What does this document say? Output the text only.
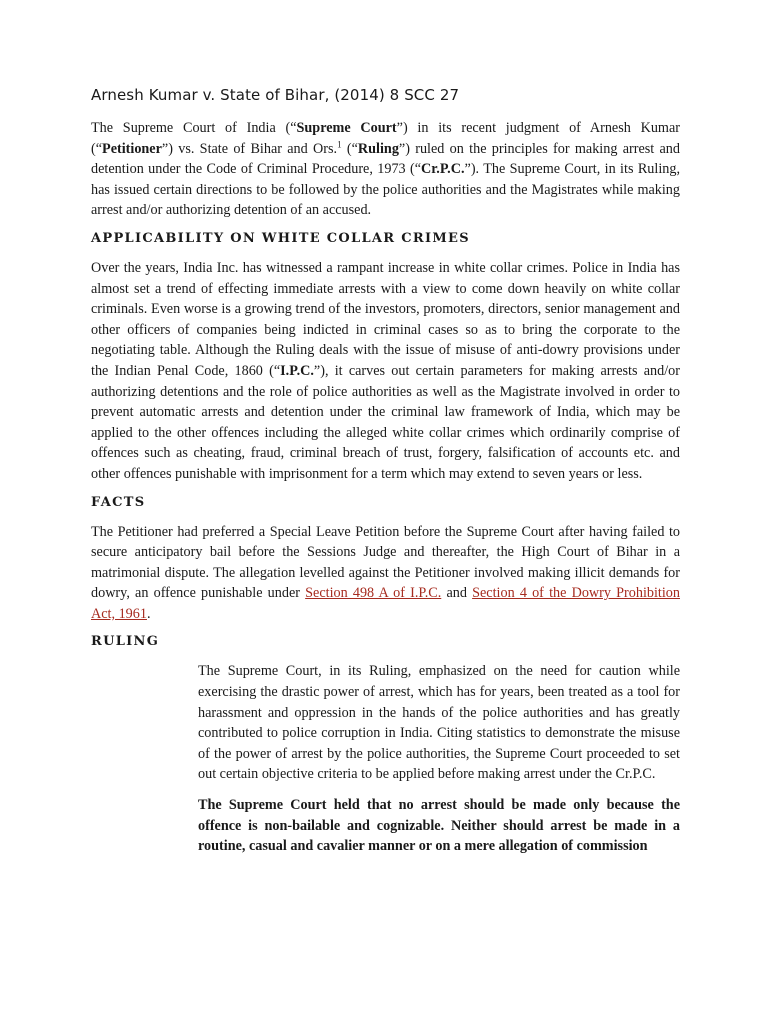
Arnesh Kumar v. State of Bihar, (2014) 8 SCC 27

The Supreme Court of India (“Supreme Court”) in its recent judgment of Arnesh Kumar (“Petitioner”) vs. State of Bihar and Ors.$^1$ (“Ruling”) ruled on the principles for making arrest and detention under the Code of Criminal Procedure, 1973 (“Cr.P.C.”). The Supreme Court, in its Ruling, has issued certain directions to be followed by the police authorities and the Magistrates while making arrest and/or authorizing detention of an accused.

APPLICABILITY ON WHITE COLLAR CRIMES

Over the years, India Inc. has witnessed a rampant increase in white collar crimes. Police in India has almost set a trend of effecting immediate arrests with a view to come down heavily on white collar criminals. Even worse is a growing trend of the investors, promoters, directors, senior management and other officers of companies being indicted in criminal cases so as to bring the corporate to the negotiating table. Although the Ruling deals with the issue of misuse of anti-dowry provisions under the Indian Penal Code, 1860 (“I.P.C.”), it carves out certain parameters for making arrests and/or authorizing detentions and the role of police authorities as well as the Magistrate involved in order to prevent automatic arrests and detention under the criminal law framework of India, which may be applied to the other offences including the alleged white collar crimes which ordinarily comprise of offences such as cheating, fraud, criminal breach of trust, forgery, falsification of accounts etc. and other offences punishable with imprisonment for a term which may extend to seven years or less.

FACTS

The Petitioner had preferred a Special Leave Petition before the Supreme Court after having failed to secure anticipatory bail before the Sessions Judge and thereafter, the High Court of Bihar in a matrimonial dispute. The allegation levelled against the Petitioner involved making illicit demands for dowry, an offence punishable under Section 498 A of I.P.C. and Section 4 of the Dowry Prohibition Act, 1961.

RULING

The Supreme Court, in its Ruling, emphasized on the need for caution while exercising the drastic power of arrest, which has for years, been treated as a tool for harassment and oppression in the hands of the police authorities and has greatly contributed to police corruption in India. Citing statistics to demonstrate the misuse of the power of arrest by the police authorities, the Supreme Court proceeded to set out certain objective criteria to be applied before making arrest under the Cr.P.C.

The Supreme Court held that no arrest should be made only because the offence is non-bailable and cognizable. Neither should arrest be made in a routine, casual and cavalier manner or on a mere allegation of commission
